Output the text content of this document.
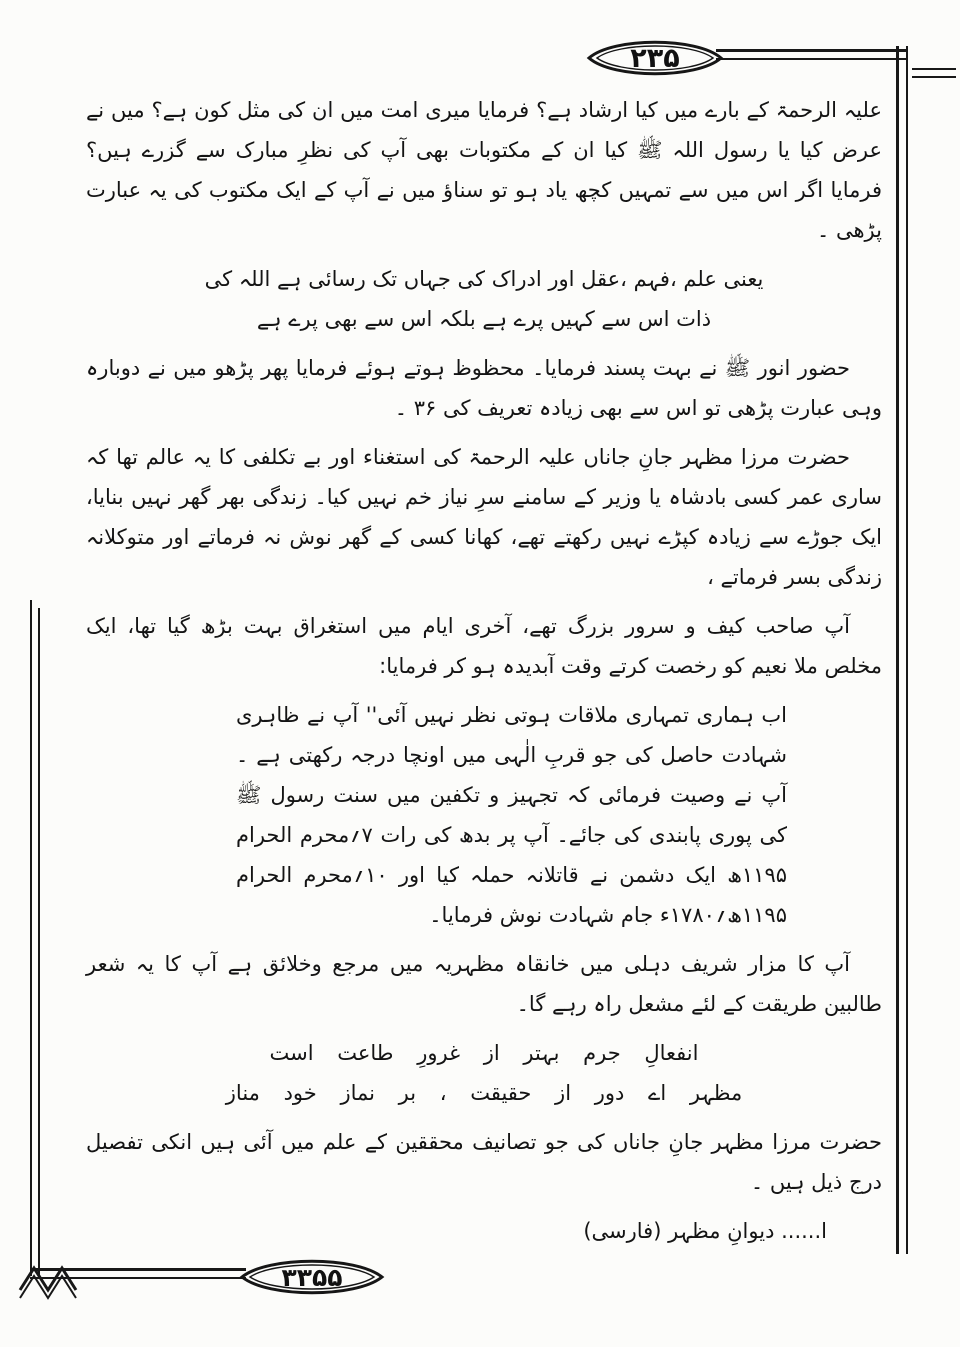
۲۳۵
۳۳۵۵

علیہ الرحمۃ کے بارے میں کیا ارشاد ہے؟ فرمایا میری امت میں ان کی مثل کون ہے؟ میں نے عرض کیا یا رسول اللہ ﷺ کیا ان کے مکتوبات بھی آپ کی نظرِ مبارک سے گزرے ہیں؟ فرمایا اگر اس میں سے تمہیں کچھ یاد ہو تو سناؤ میں نے آپ کے ایک مکتوب کی یہ عبارت پڑھی ۔

یعنی علم ،فہم ،عقل اور ادراک کی جہاں تک رسائی ہے اللہ کی
ذات اس سے کہیں پرے ہے بلکہ اس سے بھی پرے ہے

حضور انور ﷺ نے بہت پسند فرمایا۔ محظوظ ہوتے ہوئے فرمایا پھر پڑھو میں نے دوبارہ وہی عبارت پڑھی تو اس سے بھی زیادہ تعریف کی ۳۶ ۔

حضرت مرزا مظہر جانِ جاناں علیہ الرحمۃ کی استغناء اور بے تکلفی کا یہ عالم تھا کہ ساری عمر کسی بادشاہ یا وزیر کے سامنے سرِ نیاز خم نہیں کیا۔ زندگی بھر گھر نہیں بنایا، ایک جوڑے سے زیادہ کپڑے نہیں رکھتے تھے، کھانا کسی کے گھر نوش نہ فرماتے اور متوکلانہ زندگی بسر فرماتے ،

آپ صاحب کیف و سرور بزرگ تھے، آخری ایام میں استغراق بہت بڑھ گیا تھا، ایک مخلص ملا نعیم کو رخصت کرتے وقت آبدیدہ ہو کر فرمایا:

اب ہماری تمہاری ملاقات ہوتی نظر نہیں آئی'' آپ نے ظاہری شہادت حاصل کی جو قربِ الٰہی میں اونچا درجہ رکھتی ہے ۔ آپ نے وصیت فرمائی کہ تجہیز و تکفین میں سنت رسول ﷺ کی پوری پابندی کی جائے۔ آپ پر بدھ کی رات ۷؍محرم الحرام ۱۱۹۵ھ ایک دشمن نے قاتلانہ حملہ کیا اور ۱۰؍محرم الحرام ۱۱۹۵ھ؍۱۷۸۰ء جام شہادت نوش فرمایا۔

آپ کا مزار شریف دہلی میں خانقاہ مظہریہ میں مرجع وخلائق ہے آپ کا یہ شعر طالبین طریقت کے لئے مشعل راہ رہے گا۔

انفعالِ جرم بہتر از غرورِ طاعت است
مظہر اے دور از حقیقت ، بر نماز خود مناز

حضرت مرزا مظہر جانِ جاناں کی جو تصانیف محققین کے علم میں آئی ہیں انکی تفصیل درج ذیل ہیں ۔

ا...... دیوانِ مظہر (فارسی)
